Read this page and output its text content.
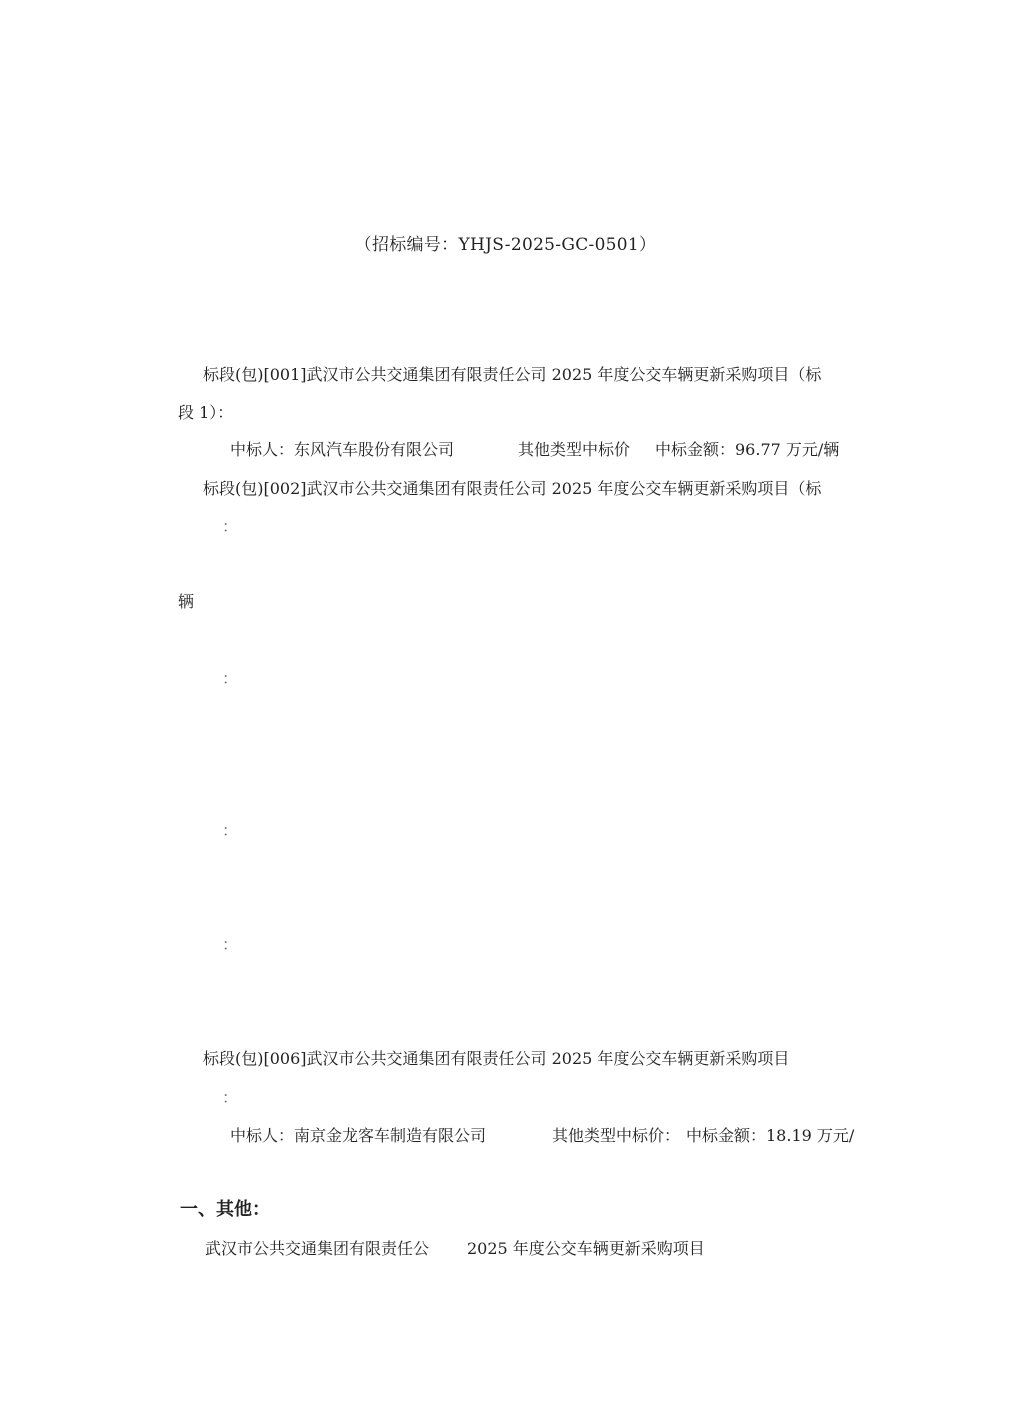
（招标编号：YHJS-2025-GC-0501）
标段(包)[001]武汉市公共交通集团有限责任公司 2025 年度公交车辆更新采购项目（标
段 1）：
中标人：东风汽车股份有限公司	其他类型中标价 中标金额：96.77 万元/辆
标段(包)[002]武汉市公共交通集团有限责任公司 2025 年度公交车辆更新采购项目（标
：
辆
：
：
：
标段(包)[006]武汉市公共交通集团有限责任公司 2025 年度公交车辆更新采购项目
：
中标人：南京金龙客车制造有限公司	其他类型中标价： 中标金额：18.19 万元/
一、其他：
武汉市公共交通集团有限责任公 2025 年度公交车辆更新采购项目
